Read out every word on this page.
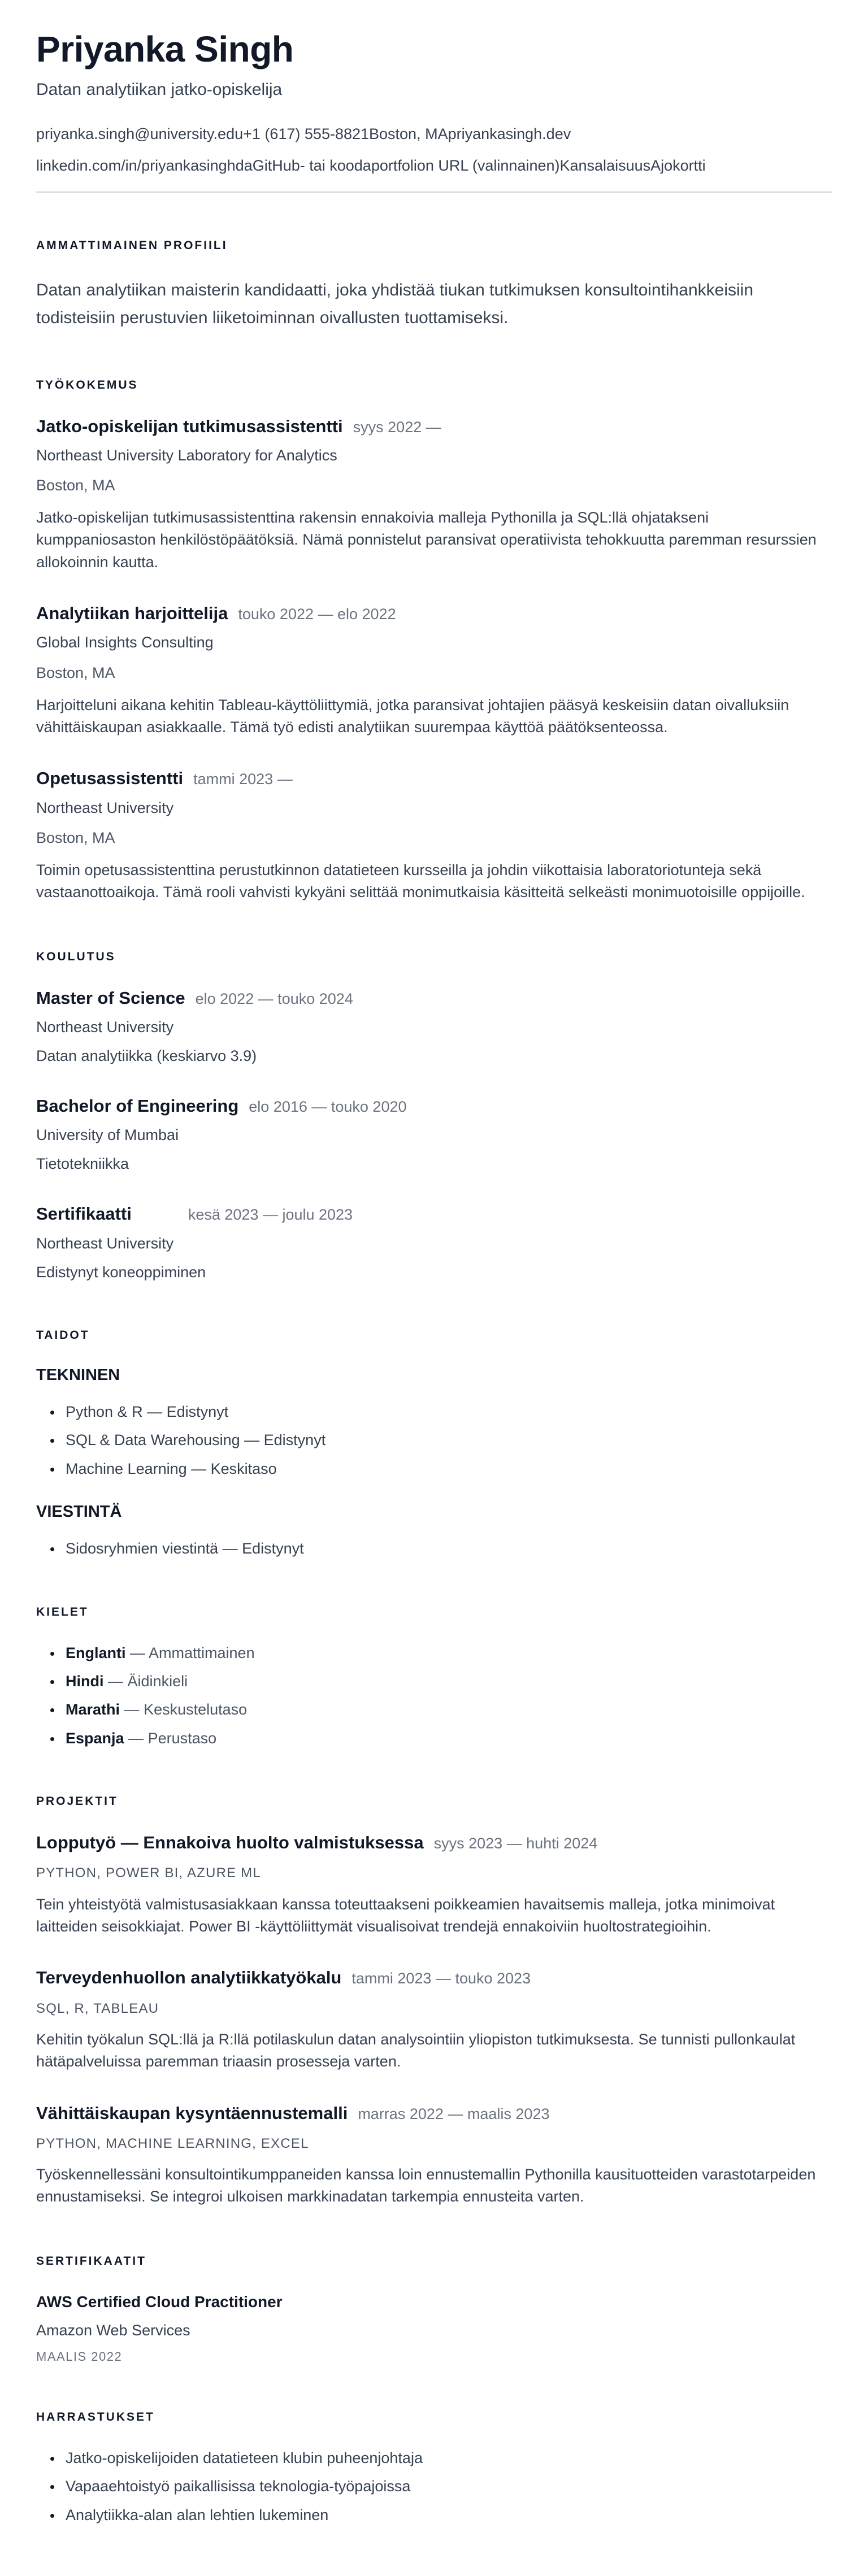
Priyanka Singh
Datan analytiikan jatko-opiskelija
priyanka.singh@university.edu+1 (617) 555-8821Boston, MApriyankasingh.dev
linkedin.com/in/priyankasinghdaGitHub- tai koodaportfolion URL (valinnainen)KansalaisuusAjokortti
AMMATTIMAINEN PROFIILI

Datan analytiikan maisterin kandidaatti, joka yhdistää tiukan tutkimuksen konsultointihankkeisiin todisteisiin perustuvien liiketoiminnan oivallusten tuottamiseksi.

TYÖKOKEMUS
Jatko-opiskelijan tutkimusassistentti syys 2022 —
Northeast University Laboratory for Analytics
Boston, MA

Jatko-opiskelijan tutkimusassistenttina rakensin ennakoivia malleja Pythonilla ja SQL:llä ohjatakseni kumppaniosaston henkilöstöpäätöksiä. Nämä ponnistelut paransivat operatiivista tehokkuutta paremman resurssien allokoinnin kautta.

Analytiikan harjoittelija touko 2022 — elo 2022
Global Insights Consulting
Boston, MA

Harjoitteluni aikana kehitin Tableau-käyttöliittymiä, jotka paransivat johtajien pääsyä keskeisiin datan oivalluksiin vähittäiskaupan asiakkaalle. Tämä työ edisti analytiikan suurempaa käyttöä päätöksenteossa.

Opetusassistentti tammi 2023 —
Northeast University
Boston, MA

Toimin opetusassistenttina perustutkinnon datatieteen kursseilla ja johdin viikottaisia laboratoriotunteja sekä vastaanottoaikoja. Tämä rooli vahvisti kykyäni selittää monimutkaisia käsitteitä selkeästi monimuotoisille oppijoille.

KOULUTUS
Master of Science elo 2022 — touko 2024
Northeast University
Datan analytiikka (keskiarvo 3.9)
Bachelor of Engineering elo 2016 — touko 2020
University of Mumbai
Tietotekniikka
Sertifikaatti	kesä 2023 — joulu 2023
Northeast University
Edistynyt koneoppiminen
TAIDOT
TEKNINEN
• Python & R — Edistynyt
• SQL & Data Warehousing — Edistynyt
• Machine Learning — Keskitaso
VIESTINTÄ
• Sidosryhmien viestintä — Edistynyt
KIELET
• Englanti — Ammattimainen
• Hindi — Äidinkieli
• Marathi — Keskustelutaso
• Espanja — Perustaso
PROJEKTIT
Lopputyö — Ennakoiva huolto valmistuksessa syys 2023 — huhti 2024
PYTHON, POWER BI, AZURE ML

Tein yhteistyötä valmistusasiakkaan kanssa toteuttaakseni poikkeamien havaitsemis malleja, jotka minimoivat laitteiden seisokkiajat. Power BI -käyttöliittymät visualisoivat trendejä ennakoiviin huoltostrategioihin.

Terveydenhuollon analytiikkatyökalu tammi 2023 — touko 2023
SQL, R, TABLEAU

Kehitin työkalun SQL:llä ja R:llä potilaskulun datan analysointiin yliopiston tutkimuksesta. Se tunnisti pullonkaulat hätäpalveluissa paremman triaasin prosesseja varten.

Vähittäiskaupan kysyntäennustemalli marras 2022 — maalis 2023
PYTHON, MACHINE LEARNING, EXCEL

Työskennellessäni konsultointikumppaneiden kanssa loin ennustemallin Pythonilla kausituotteiden varastotarpeiden ennustamiseksi. Se integroi ulkoisen markkinadatan tarkempia ennusteita varten.

SERTIFIKAATIT
AWS Certified Cloud Practitioner
Amazon Web Services
MAALIS 2022
HARRASTUKSET
• Jatko-opiskelijoiden datatieteen klubin puheenjohtaja
• Vapaaehtoistyö paikallisissa teknologia-työpajoissa
• Analytiikka-alan alan lehtien lukeminen
